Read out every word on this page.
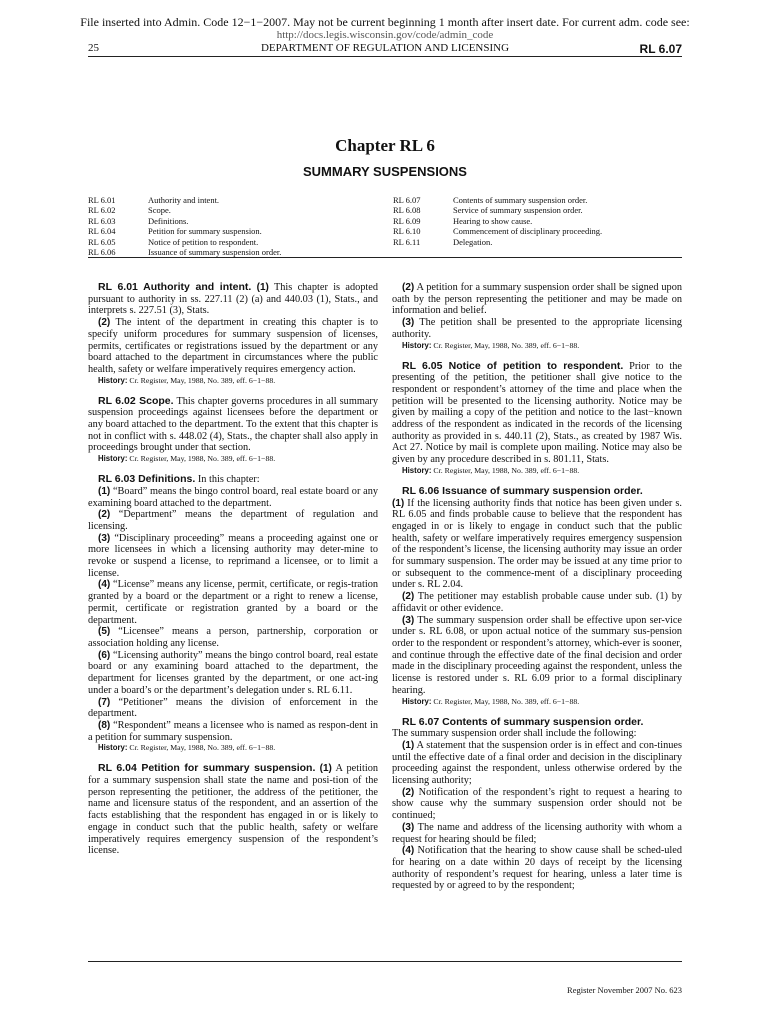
File inserted into Admin. Code 12−1−2007. May not be current beginning 1 month after insert date. For current adm. code see:
http://docs.legis.wisconsin.gov/code/admin_code
25	DEPARTMENT OF REGULATION AND LICENSING	RL 6.07
Chapter RL 6
SUMMARY SUSPENSIONS
RL 6.01	Authority and intent.
RL 6.02	Scope.
RL 6.03	Definitions.
RL 6.04	Petition for summary suspension.
RL 6.05	Notice of petition to respondent.
RL 6.06	Issuance of summary suspension order.
RL 6.07	Contents of summary suspension order.
RL 6.08	Service of summary suspension order.
RL 6.09	Hearing to show cause.
RL 6.10	Commencement of disciplinary proceeding.
RL 6.11	Delegation.

RL 6.01 Authority and intent. (1) This chapter is adopted pursuant to authority in ss. 227.11 (2) (a) and 440.03 (1), Stats., and interprets s. 227.51 (3), Stats.

(2) The intent of the department in creating this chapter is to specify uniform procedures for summary suspension of licenses, permits, certificates or registrations issued by the department or any board attached to the department in circumstances where the public health, safety or welfare imperatively requires emergency action.

History: Cr. Register, May, 1988, No. 389, eff. 6−1−88.

RL 6.02 Scope. This chapter governs procedures in all summary suspension proceedings against licensees before the department or any board attached to the department. To the extent that this chapter is not in conflict with s. 448.02 (4), Stats., the chapter shall also apply in proceedings brought under that section.

History: Cr. Register, May, 1988, No. 389, eff. 6−1−88.

RL 6.03 Definitions. In this chapter:

(1) “Board” means the bingo control board, real estate board or any examining board attached to the department.

(2) “Department” means the department of regulation and licensing.

(3) “Disciplinary proceeding” means a proceeding against one or more licensees in which a licensing authority may deter-mine to revoke or suspend a license, to reprimand a licensee, or to limit a license.

(4) “License” means any license, permit, certificate, or regis-tration granted by a board or the department or a right to renew a license, permit, certificate or registration granted by a board or the department.

(5) “Licensee” means a person, partnership, corporation or association holding any license.

(6) “Licensing authority” means the bingo control board, real estate board or any examining board attached to the department, the department for licenses granted by the department, or one act-ing under a board’s or the department’s delegation under s. RL 6.11.

(7) “Petitioner” means the division of enforcement in the department.

(8) “Respondent” means a licensee who is named as respon-dent in a petition for summary suspension.

History: Cr. Register, May, 1988, No. 389, eff. 6−1−88.

RL 6.04 Petition for summary suspension. (1) A petition for a summary suspension shall state the name and posi-tion of the person representing the petitioner, the address of the petitioner, the name and licensure status of the respondent, and an assertion of the facts establishing that the respondent has engaged in or is likely to engage in conduct such that the public health, safety or welfare imperatively requires emergency suspension of the respondent’s license.

(2) A petition for a summary suspension order shall be signed upon oath by the person representing the petitioner and may be made on information and belief.

(3) The petition shall be presented to the appropriate licensing authority.

History: Cr. Register, May, 1988, No. 389, eff. 6−1−88.

RL 6.05 Notice of petition to respondent. Prior to the presenting of the petition, the petitioner shall give notice to the respondent or respondent’s attorney of the time and place when the petition will be presented to the licensing authority. Notice may be given by mailing a copy of the petition and notice to the last−known address of the respondent as indicated in the records of the licensing authority as provided in s. 440.11 (2), Stats., as created by 1987 Wis. Act 27. Notice by mail is complete upon mailing. Notice may also be given by any procedure described in s. 801.11, Stats.

History: Cr. Register, May, 1988, No. 389, eff. 6−1−88.

RL 6.06 Issuance of summary suspension order.

(1) If the licensing authority finds that notice has been given under s. RL 6.05 and finds probable cause to believe that the respondent has engaged in or is likely to engage in conduct such that the public health, safety or welfare imperatively requires emergency suspension of the respondent’s license, the licensing authority may issue an order for summary suspension. The order may be issued at any time prior to or subsequent to the commence-ment of a disciplinary proceeding under s. RL 2.04.

(2) The petitioner may establish probable cause under sub. (1) by affidavit or other evidence.

(3) The summary suspension order shall be effective upon ser-vice under s. RL 6.08, or upon actual notice of the summary sus-pension order to the respondent or respondent’s attorney, which-ever is sooner, and continue through the effective date of the final decision and order made in the disciplinary proceeding against the respondent, unless the license is restored under s. RL 6.09 prior to a formal disciplinary hearing.

History: Cr. Register, May, 1988, No. 389, eff. 6−1−88.

RL 6.07 Contents of summary suspension order.

The summary suspension order shall include the following:

(1) A statement that the suspension order is in effect and con-tinues until the effective date of a final order and decision in the disciplinary proceeding against the respondent, unless otherwise ordered by the licensing authority;

(2) Notification of the respondent’s right to request a hearing to show cause why the summary suspension order should not be continued;

(3) The name and address of the licensing authority with whom a request for hearing should be filed;

(4) Notification that the hearing to show cause shall be sched-uled for hearing on a date within 20 days of receipt by the licensing authority of respondent’s request for hearing, unless a later time is requested by or agreed to by the respondent;

Register November 2007 No. 623
